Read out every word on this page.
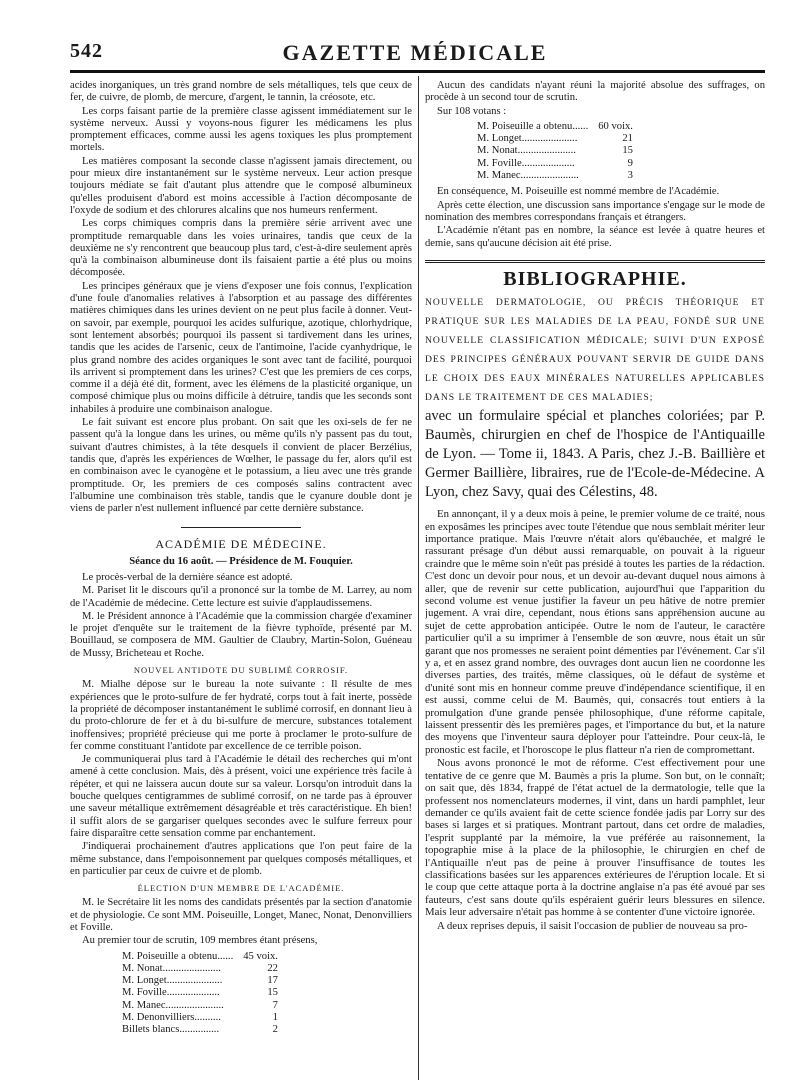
542	GAZETTE MÉDICALE

acides inorganiques, un très grand nombre de sels métalliques, tels que ceux de fer, de cuivre, de plomb, de mercure, d'argent, le tannin, la créosote, etc.

Les corps faisant partie de la première classe agissent immédiatement sur le système nerveux. Aussi y voyons-nous figurer les médicamens les plus promptement efficaces, comme aussi les agens toxiques les plus promptement mortels.

Les matières composant la seconde classe n'agissent jamais directement, ou pour mieux dire instantanément sur le système nerveux. Leur action presque toujours médiate se fait d'autant plus attendre que le composé albumineux qu'elles produisent d'abord est moins accessible à l'action décomposante de l'oxyde de sodium et des chlorures alcalins que nos humeurs renferment.

Les corps chimiques compris dans la première série arrivent avec une promptitude remarquable dans les voies urinaires, tandis que ceux de la deuxième ne s'y rencontrent que beaucoup plus tard, c'est-à-dire seulement après qu'à la combinaison albumineuse dont ils faisaient partie a été plus ou moins décomposée.

Les principes généraux que je viens d'exposer une fois connus, l'explication d'une foule d'anomalies relatives à l'absorption et au passage des différentes matières chimiques dans les urines devient on ne peut plus facile à donner. Veut-on savoir, par exemple, pourquoi les acides sulfurique, azotique, chlorhydrique, sont lentement absorbés; pourquoi ils passent si tardivement dans les urines, tandis que les acides de l'arsenic, ceux de l'antimoine, l'acide cyanhydrique, le plus grand nombre des acides organiques le sont avec tant de facilité, pourquoi ils arrivent si promptement dans les urines? C'est que les premiers de ces corps, comme il a déjà été dit, forment, avec les élémens de la plasticité organique, un composé chimique plus ou moins difficile à détruire, tandis que les seconds sont inhabiles à produire une combinaison analogue.

Le fait suivant est encore plus probant. On sait que les oxi-sels de fer ne passent qu'à la longue dans les urines, ou même qu'ils n'y passent pas du tout, suivant d'autres chimistes, à la tête desquels il convient de placer Berzélius, tandis que, d'après les expériences de Wœlher, le passage du fer, alors qu'il est en combinaison avec le cyanogène et le potassium, a lieu avec une très grande promptitude. Or, les premiers de ces composés salins contractent avec l'albumine une combinaison très stable, tandis que le cyanure double dont je viens de parler n'est nullement influencé par cette dernière substance.

ACADÉMIE DE MÉDECINE.
Séance du 16 août. — Présidence de M. Fouquier.

Le procès-verbal de la dernière séance est adopté.

M. Pariset lit le discours qu'il a prononcé sur la tombe de M. Larrey, au nom de l'Académie de médecine. Cette lecture est suivie d'applaudissemens.

M. le Président annonce à l'Académie que la commission chargée d'examiner le projet d'enquête sur le traitement de la fièvre typhoïde, présenté par M. Bouillaud, se composera de MM. Gaultier de Claubry, Martin-Solon, Guéneau de Mussy, Bricheteau et Roche.

NOUVEL ANTIDOTE DU SUBLIMÉ CORROSIF.

M. Mialhe dépose sur le bureau la note suivante : Il résulte de mes expériences que le proto-sulfure de fer hydraté, corps tout à fait inerte, possède la propriété de décomposer instantanément le sublimé corrosif, en donnant lieu à du proto-chlorure de fer et à du bi-sulfure de mercure, substances totalement inoffensives; propriété précieuse qui me porte à proclamer le proto-sulfure de fer comme constituant l'antidote par excellence de ce terrible poison.

Je communiquerai plus tard à l'Académie le détail des recherches qui m'ont amené à cette conclusion. Mais, dès à présent, voici une expérience très facile à répéter, et qui ne laissera aucun doute sur sa valeur. Lorsqu'on introduit dans la bouche quelques centigrammes de sublimé corrosif, on ne tarde pas à éprouver une saveur métallique extrêmement désagréable et très caractéristique. Eh bien! il suffit alors de se gargariser quelques secondes avec le sulfure ferreux pour faire disparaître cette sensation comme par enchantement.

J'indiquerai prochainement d'autres applications que l'on peut faire de la même substance, dans l'empoisonnement par quelques composés métalliques, et en particulier par ceux de cuivre et de plomb.

ÉLECTION D'UN MEMBRE DE L'ACADÉMIE.

M. le Secrétaire lit les noms des candidats présentés par la section d'anatomie et de physiologie. Ce sont MM. Poiseuille, Longet, Manec, Nonat, Denonvilliers et Foville.

Au premier tour de scrutin, 109 membres étant présens,

M. Poiseuille a obtenu......	45 voix.
M. Nonat......................	22
M. Longet.....................	17
M. Foville....................	15
M. Manec......................	7
M. Denonvilliers..........	1
Billets blancs...............	2

Aucun des candidats n'ayant réuni la majorité absolue des suffrages, on procède à un second tour de scrutin.

Sur 108 votans :

M. Poiseuille a obtenu......	60 voix.
M. Longet.....................	21
M. Nonat......................	15
M. Foville....................	9
M. Manec......................	3

En conséquence, M. Poiseuille est nommé membre de l'Académie.

Après cette élection, une discussion sans importance s'engage sur le mode de nomination des membres correspondans français et étrangers.

L'Académie n'étant pas en nombre, la séance est levée à quatre heures et demie, sans qu'aucune décision ait été prise.

BIBLIOGRAPHIE.
NOUVELLE DERMATOLOGIE, OU PRÉCIS THÉORIQUE ET PRATIQUE SUR LES MALADIES DE LA PEAU, FONDÉ SUR UNE NOUVELLE CLASSIFICATION MÉDICALE; SUIVI D'UN EXPOSÉ DES PRINCIPES GÉNÉRAUX POUVANT SERVIR DE GUIDE DANS LE CHOIX DES EAUX MINÉRALES NATURELLES APPLICABLES DANS LE TRAITEMENT DE CES MALADIES;
avec un formulaire spécial et planches coloriées; par P. Baumès, chirurgien en chef de l'hospice de l'Antiquaille de Lyon. — Tome ii, 1843. A Paris, chez J.-B. Baillière et Germer Baillière, libraires, rue de l'Ecole-de-Médecine. A Lyon, chez Savy, quai des Célestins, 48.

En annonçant, il y a deux mois à peine, le premier volume de ce traité, nous en exposâmes les principes avec toute l'étendue que nous semblait mériter leur importance pratique. Mais l'œuvre n'était alors qu'ébauchée, et malgré le rassurant présage d'un début aussi remarquable, on pouvait à la rigueur craindre que le même soin n'eût pas présidé à toutes les parties de la rédaction. C'est donc un devoir pour nous, et un devoir au-devant duquel nous aimons à aller, que de revenir sur cette publication, aujourd'hui que l'apparition du second volume est venue justifier la faveur un peu hâtive de notre premier jugement. A vrai dire, cependant, nous étions sans appréhension aucune au sujet de cette approbation anticipée. Outre le nom de l'auteur, le caractère particulier qu'il a su imprimer à l'ensemble de son œuvre, nous était un sûr garant que nos promesses ne seraient point démenties par l'événement. Car s'il y a, et en assez grand nombre, des ouvrages dont aucun lien ne coordonne les diverses parties, des traités, même classiques, où le défaut de système et d'unité sont mis en honneur comme preuve d'indépendance scientifique, il en est aussi, comme celui de M. Baumès, qui, consacrés tout entiers à la promulgation d'une grande pensée philosophique, d'une réforme capitale, laissent pressentir dès les premières pages, et l'importance du but, et la nature des moyens que l'inventeur saura déployer pour l'atteindre. Pour ceux-là, le pronostic est facile, et l'horoscope le plus flatteur n'a rien de compromettant.

Nous avons prononcé le mot de réforme. C'est effectivement pour une tentative de ce genre que M. Baumès a pris la plume. Son but, on le connaît; on sait que, dès 1834, frappé de l'état actuel de la dermatologie, telle que la professent nos nomenclateurs modernes, il vint, dans un hardi pamphlet, leur demander ce qu'ils avaient fait de cette science fondée jadis par Lorry sur des bases si larges et si pratiques. Montrant partout, dans cet ordre de maladies, l'esprit supplanté par la mémoire, la vue préférée au raisonnement, la topographie mise à la place de la philosophie, le chirurgien en chef de l'Antiquaille n'eut pas de peine à prouver l'insuffisance de toutes les classifications basées sur les apparences extérieures de l'éruption locale. Et si le coup que cette attaque porta à la doctrine anglaise n'a pas été avoué par ses fauteurs, c'est sans doute qu'ils espéraient guérir leurs blessures en silence. Mais leur adversaire n'était pas homme à se contenter d'une victoire ignorée.

A deux reprises depuis, il saisit l'occasion de publier de nouveau sa pro-
